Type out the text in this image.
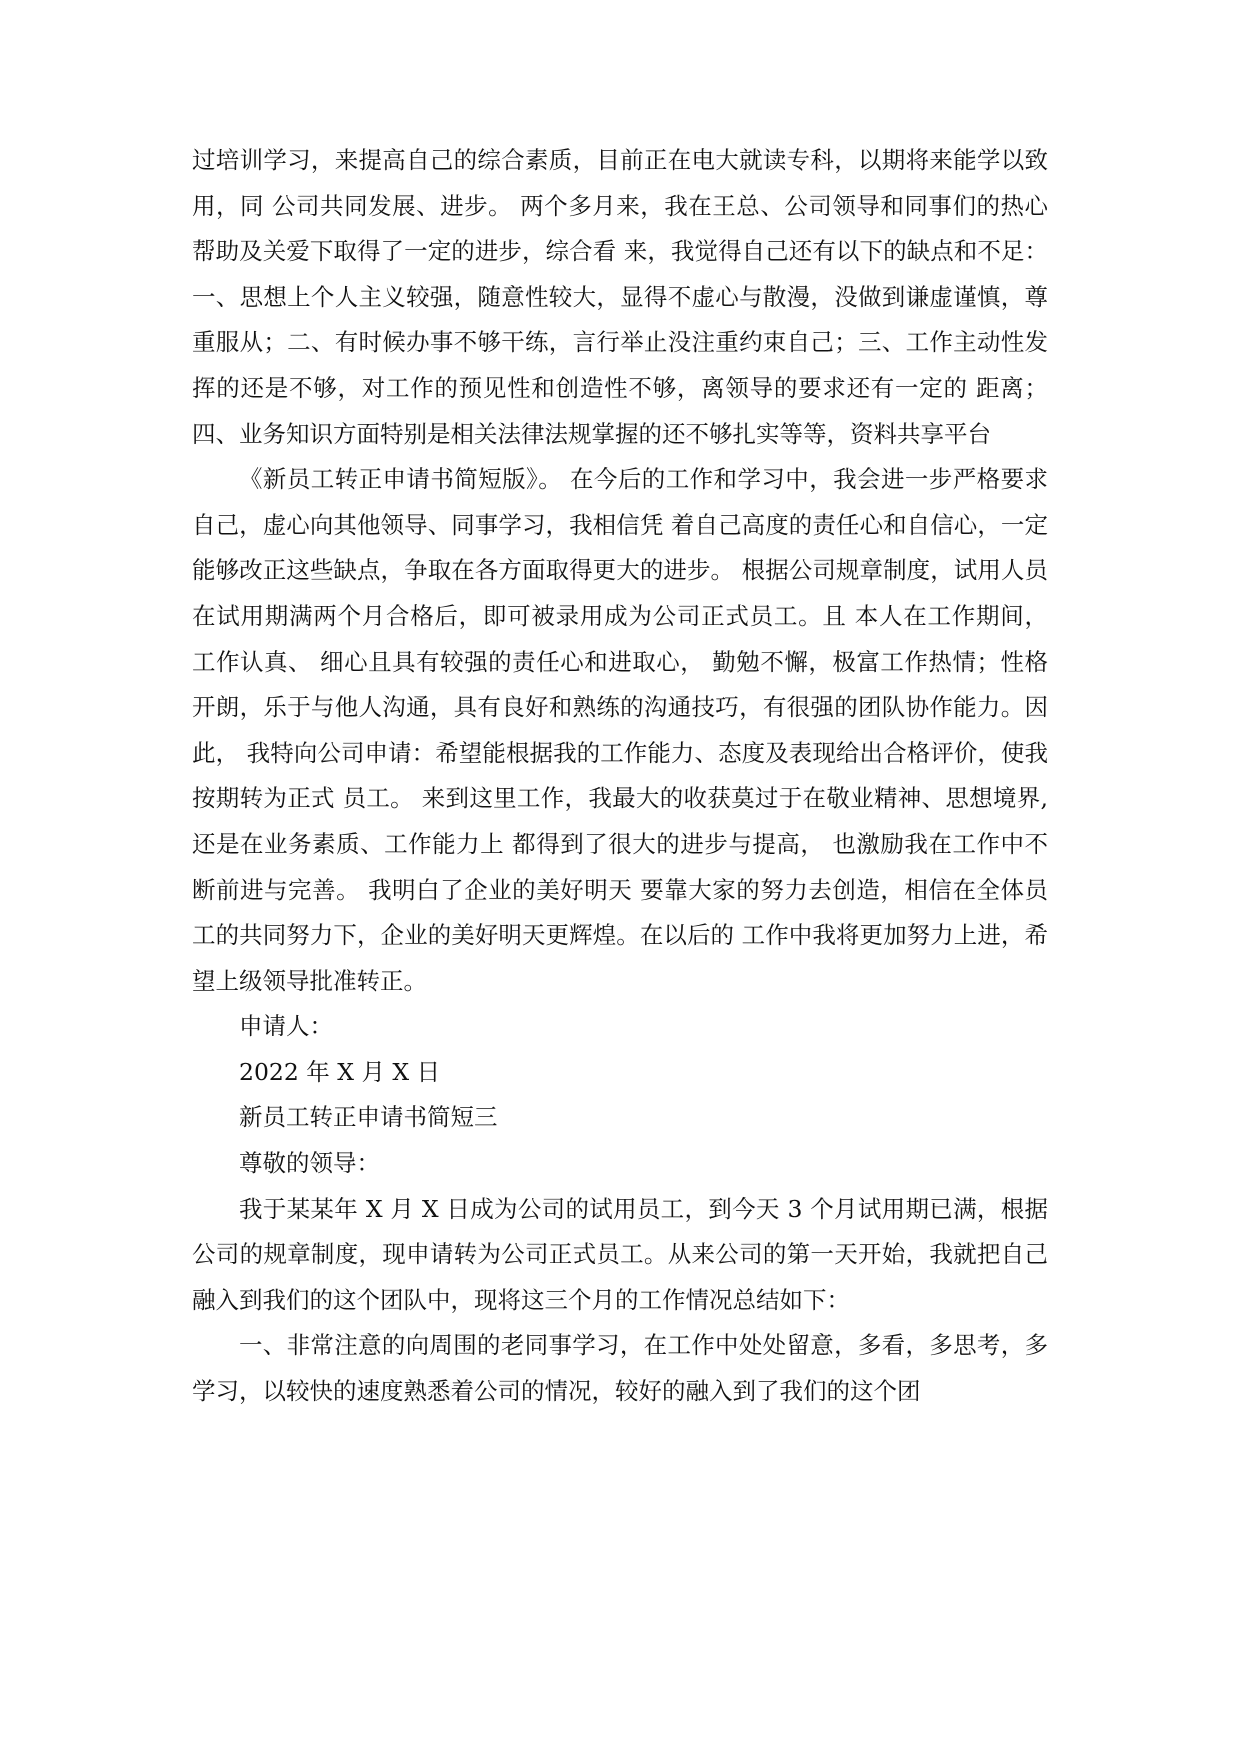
过培训学习，来提高自己的综合素质，目前正在电大就读专科，以期将来能学以致用，同 公司共同发展、进步。 两个多月来，我在王总、公司领导和同事们的热心帮助及关爱下取得了一定的进步，综合看 来，我觉得自己还有以下的缺点和不足： 一、思想上个人主义较强，随意性较大，显得不虚心与散漫，没做到谦虚谨慎，尊重服从；二、有时候办事不够干练，言行举止没注重约束自己；三、工作主动性发挥的还是不够，对工作的预见性和创造性不够，离领导的要求还有一定的 距离；四、业务知识方面特别是相关法律法规掌握的还不够扎实等等，资料共享平台

《新员工转正申请书简短版》。 在今后的工作和学习中，我会进一步严格要求自己，虚心向其他领导、同事学习，我相信凭 着自己高度的责任心和自信心，一定能够改正这些缺点，争取在各方面取得更大的进步。 根据公司规章制度，试用人员在试用期满两个月合格后，即可被录用成为公司正式员工。且 本人在工作期间， 工作认真、 细心且具有较强的责任心和进取心， 勤勉不懈，极富工作热情；性格开朗，乐于与他人沟通，具有良好和熟练的沟通技巧，有很强的团队协作能力。因此， 我特向公司申请：希望能根据我的工作能力、态度及表现给出合格评价，使我按期转为正式 员工。 来到这里工作，我最大的收获莫过于在敬业精神、思想境界,还是在业务素质、工作能力上 都得到了很大的进步与提高， 也激励我在工作中不断前进与完善。 我明白了企业的美好明天 要靠大家的努力去创造，相信在全体员工的共同努力下，企业的美好明天更辉煌。在以后的 工作中我将更加努力上进，希望上级领导批准转正。

申请人：

2022 年 X 月 X 日

新员工转正申请书简短三

尊敬的领导：

我于某某年 X 月 X 日成为公司的试用员工，到今天 3 个月试用期已满，根据公司的规章制度，现申请转为公司正式员工。从来公司的第一天开始，我就把自己融入到我们的这个团队中，现将这三个月的工作情况总结如下：

一、非常注意的向周围的老同事学习，在工作中处处留意，多看，多思考，多学习，以较快的速度熟悉着公司的情况，较好的融入到了我们的这个团
